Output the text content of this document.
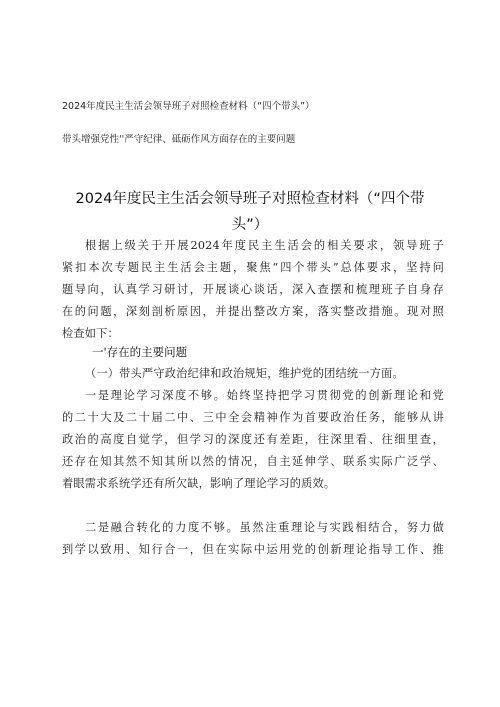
2024年度民主生活会领导班子对照检查材料（“四个带头”）
带头增强党性''严守纪律、砥砺作风方面存在的主要问题
2024年度民主生活会领导班子对照检查材料（“四个带
头”）
根据上级关于开展2024年度民主生活会的相关要求，领导班子
紧扣本次专题民主生活会主题，聚焦“四个带头”总体要求，坚持问
题导向，认真学习研讨，开展谈心谈话，深入查摆和梳理班子自身存
在的问题，深刻剖析原因，并提出整改方案，落实整改措施。现对照
检查如下：
一'存在的主要问题
（一）带头严守政治纪律和政治规矩，维护党的团结统一方面。
一是理论学习深度不够。始终坚持把学习贯彻党的创新理论和党
的二十大及二十届二中、三中全会精神作为首要政治任务，能够从讲
政治的高度自觉学，但学习的深度还有差距，往深里看、往细里查，
还存在知其然不知其所以然的情况，自主延伸学、联系实际广泛学、
着眼需求系统学还有所欠缺，影响了理论学习的质效。
二是融合转化的力度不够。虽然注重理论与实践相结合，努力做
到学以致用、知行合一，但在实际中运用党的创新理论指导工作、推
